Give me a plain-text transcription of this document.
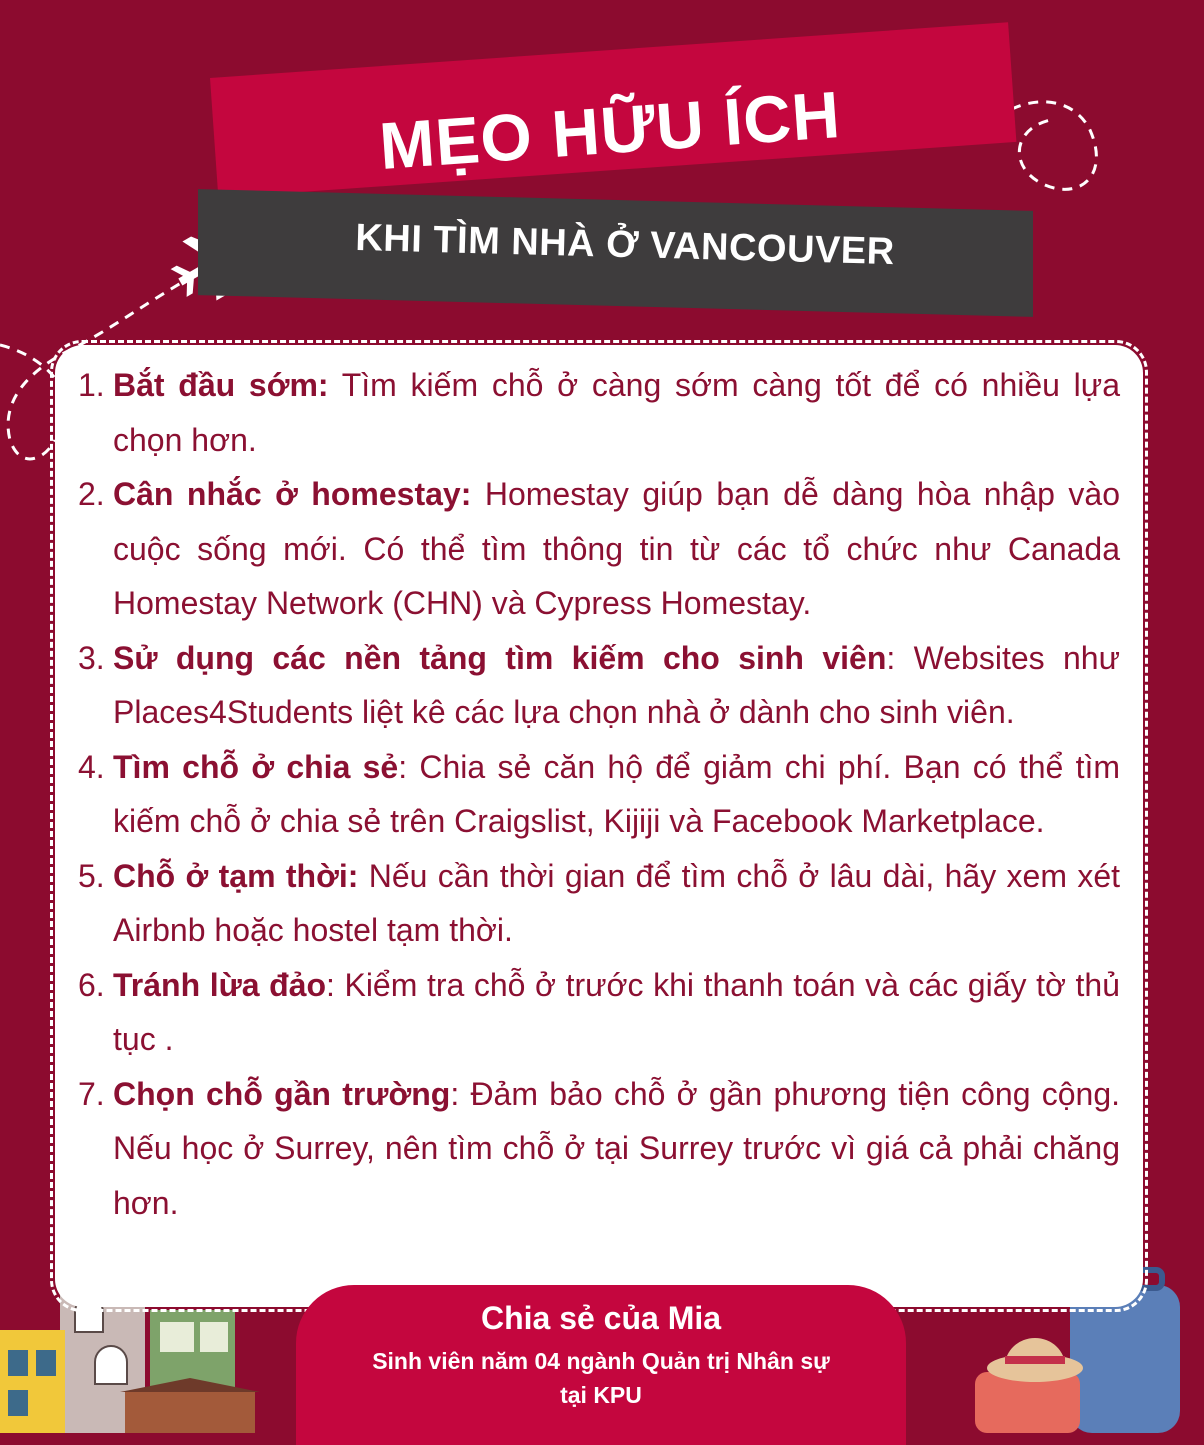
MẸO HỮU ÍCH
KHI TÌM NHÀ Ở VANCOUVER
1. Bắt đầu sớm: Tìm kiếm chỗ ở càng sớm càng tốt để có nhiều lựa chọn hơn.
2. Cân nhắc ở homestay: Homestay giúp bạn dễ dàng hòa nhập vào cuộc sống mới. Có thể tìm thông tin từ các tổ chức như Canada Homestay Network (CHN) và Cypress Homestay.
3. Sử dụng các nền tảng tìm kiếm cho sinh viên: Websites như Places4Students liệt kê các lựa chọn nhà ở dành cho sinh viên.
4. Tìm chỗ ở chia sẻ: Chia sẻ căn hộ để giảm chi phí. Bạn có thể tìm kiếm chỗ ở chia sẻ trên Craigslist, Kijiji và Facebook Marketplace.
5. Chỗ ở tạm thời: Nếu cần thời gian để tìm chỗ ở lâu dài, hãy xem xét Airbnb hoặc hostel tạm thời.
6. Tránh lừa đảo: Kiểm tra chỗ ở trước khi thanh toán và các giấy tờ thủ tục .
7. Chọn chỗ gần trường: Đảm bảo chỗ ở gần phương tiện công cộng. Nếu học ở Surrey, nên tìm chỗ ở tại Surrey trước vì giá cả phải chăng hơn.
Chia sẻ của Mia
Sinh viên năm 04 ngành Quản trị Nhân sự
tại KPU
